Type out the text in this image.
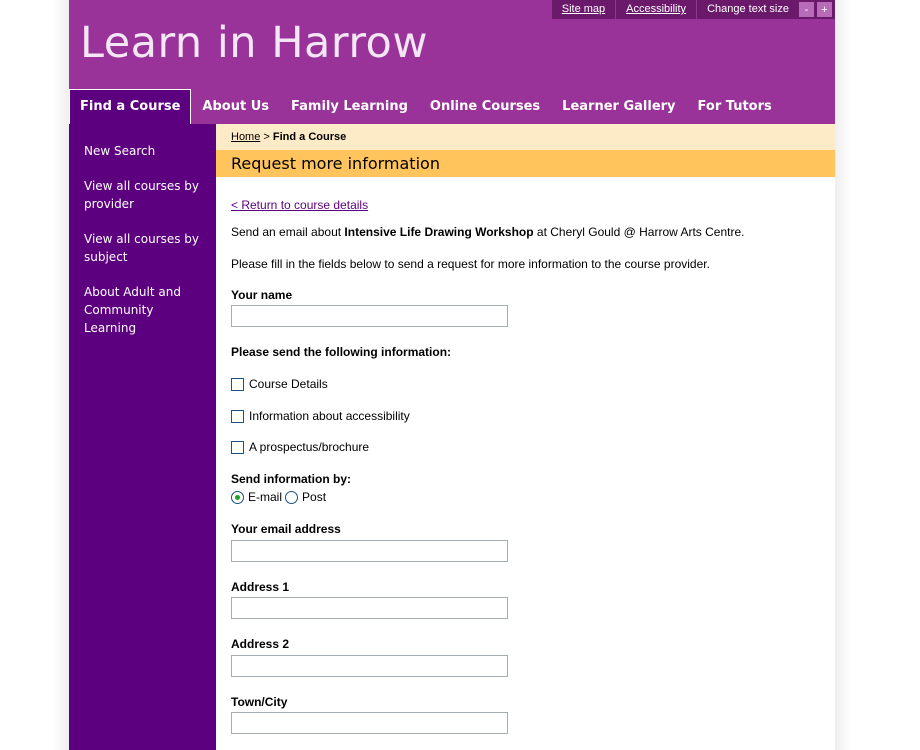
Learn in Harrow
Site map	Accessibility	Change text size	-	+
Find a Course	About Us	Family Learning	Online Courses	Learner Gallery	For Tutors
New Search
View all courses by provider
View all courses by subject
About Adult and Community Learning
Home > Find a Course
Request more information
< Return to course details
Send an email about Intensive Life Drawing Workshop at Cheryl Gould @ Harrow Arts Centre.
Please fill in the fields below to send a request for more information to the course provider.
Your name
Please send the following information:
Course Details
Information about accessibility
A prospectus/brochure
Send information by:
E-mail Post
Your email address
Address 1
Address 2
Town/City
